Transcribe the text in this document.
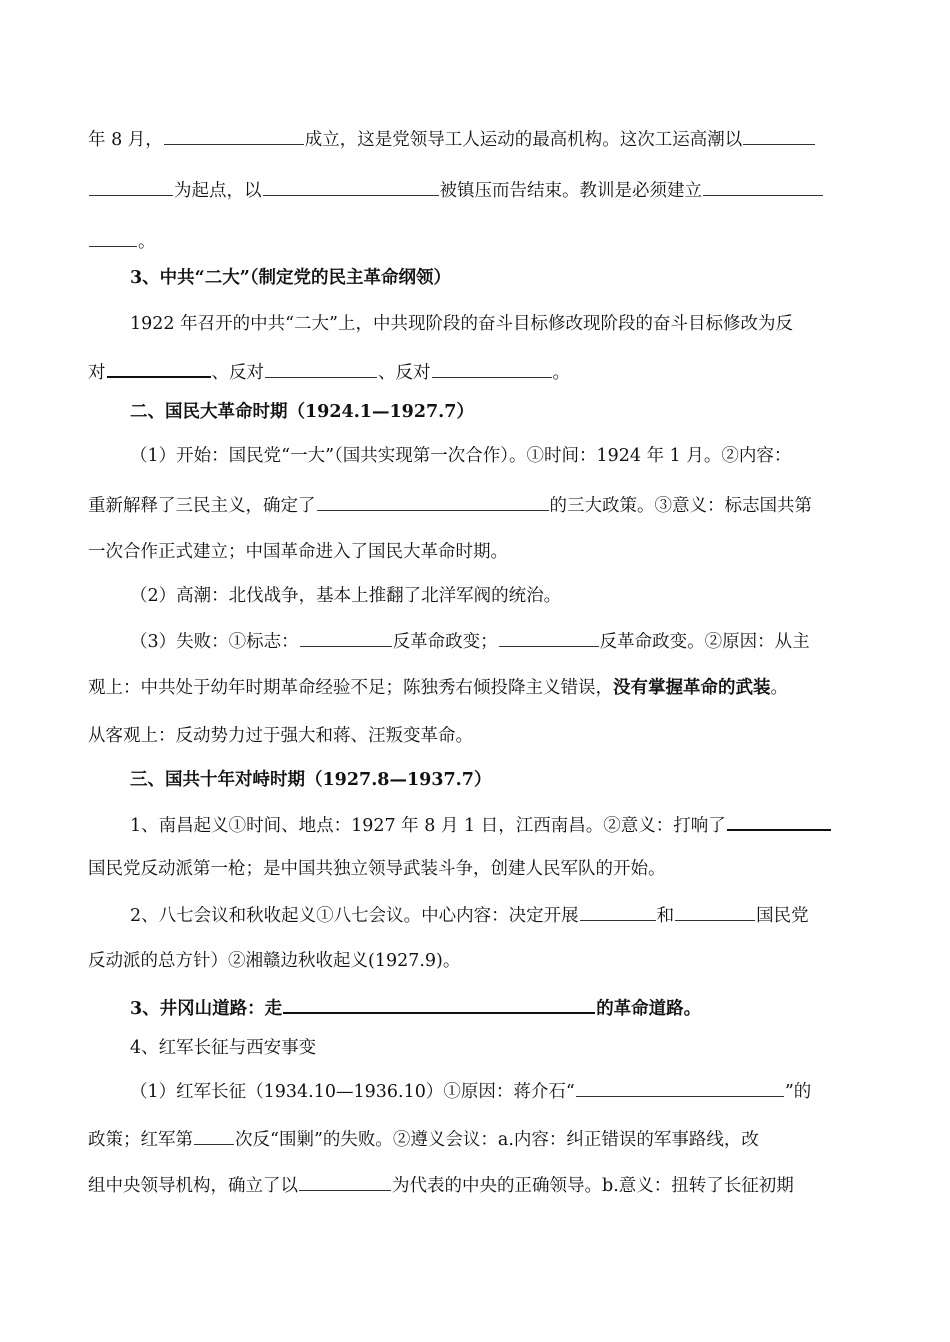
年 8 月，	成立，这是党领导工人运动的最高机构。这次工运高潮以
为起点，以	被镇压而告结束。教训是必须建立
。
3、中共“二大”（制定党的民主革命纲领）
1922 年召开的中共“二大”上，中共现阶段的奋斗目标修改现阶段的奋斗目标修改为反
对	、反对	、反对	。
二、国民大革命时期（1924.1—1927.7）
（1）开始：国民党“一大”（国共实现第一次合作）。①时间：1924 年 1 月。②内容：
重新解释了三民主义，确定了	的三大政策。③意义：标志国共第
一次合作正式建立；中国革命进入了国民大革命时期。
（2）高潮：北伐战争，基本上推翻了北洋军阀的统治。
（3）失败：①标志：	反革命政变；	反革命政变。②原因：从主
观上：中共处于幼年时期革命经验不足；陈独秀右倾投降主义错误，没有掌握革命的武装。
从客观上：反动势力过于强大和蒋、汪叛变革命。
三、国共十年对峙时期（1927.8—1937.7）
1、南昌起义①时间、地点：1927 年 8 月 1 日，江西南昌。②意义：打响了
国民党反动派第一枪；是中国共独立领导武装斗争，创建人民军队的开始。
2、八七会议和秋收起义①八七会议。中心内容：决定开展	和	国民党
反动派的总方针）②湘赣边秋收起义(1927.9)。
3、井冈山道路：走	的革命道路。
4、红军长征与西安事变
（1）红军长征（1934.10—1936.10）①原因：蒋介石“	”的
政策；红军第 次反“围剿”的失败。②遵义会议：a.内容：纠正错误的军事路线，改
组中央领导机构，确立了以	为代表的中央的正确领导。b.意义：扭转了长征初期
